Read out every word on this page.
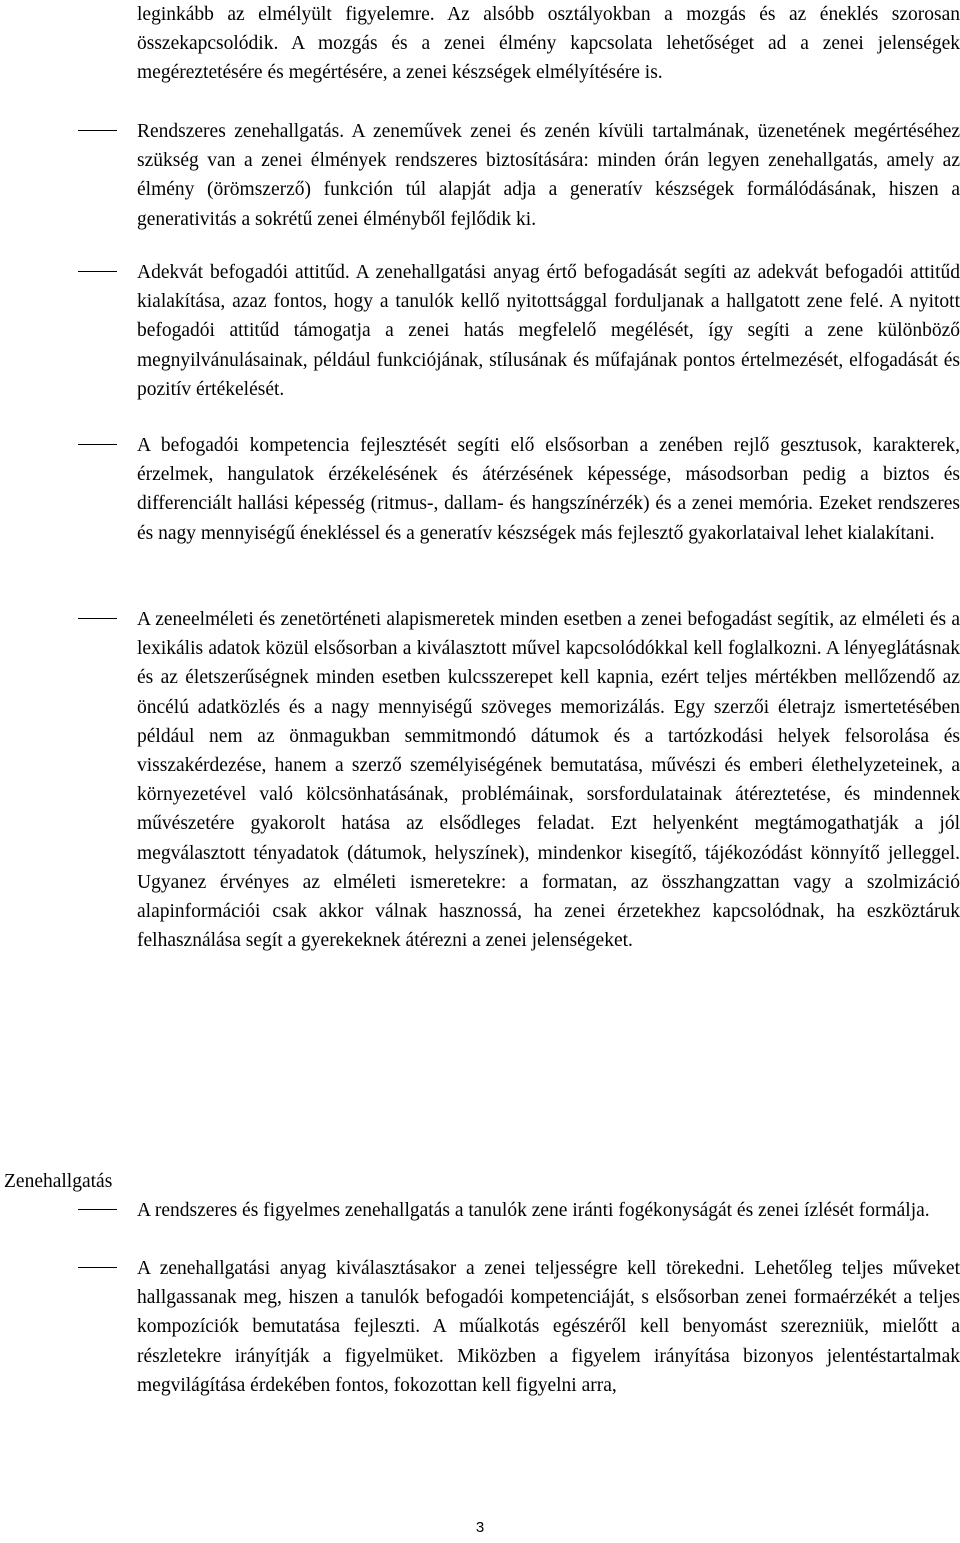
leginkább az elmélyült figyelemre. Az alsóbb osztályokban a mozgás és az éneklés szorosan összekapcsolódik. A mozgás és a zenei élmény kapcsolata lehetőséget ad a zenei jelenségek megéreztetésére és megértésére, a zenei készségek elmélyítésére is.

Rendszeres zenehallgatás. A zeneművek zenei és zenén kívüli tartalmának, üzenetének megértéséhez szükség van a zenei élmények rendszeres biztosítására: minden órán legyen zenehallgatás, amely az élmény (örömszerző) funkción túl alapját adja a generatív készségek formálódásának, hiszen a generativitás a sokrétű zenei élményből fejlődik ki.

Adekvát befogadói attitűd. A zenehallgatási anyag értő befogadását segíti az adekvát befogadói attitűd kialakítása, azaz fontos, hogy a tanulók kellő nyitottsággal forduljanak a hallgatott zene felé. A nyitott befogadói attitűd támogatja a zenei hatás megfelelő megélését, így segíti a zene különböző megnyilvánulásainak, például funkciójának, stílusának és műfajának pontos értelmezését, elfogadását és pozitív értékelését.

A befogadói kompetencia fejlesztését segíti elő elsősorban a zenében rejlő gesztusok, karakterek, érzelmek, hangulatok érzékelésének és átérzésének képessége, másodsorban pedig a biztos és differenciált hallási képesség (ritmus-, dallam- és hangszínérzék) és a zenei memória. Ezeket rendszeres és nagy mennyiségű énekléssel és a generatív készségek más fejlesztő gyakorlataival lehet kialakítani.

A zeneelméleti és zenetörténeti alapismeretek minden esetben a zenei befogadást segítik, az elméleti és a lexikális adatok közül elsősorban a kiválasztott művel kapcsolódókkal kell foglalkozni. A lényeglátásnak és az életszerűségnek minden esetben kulcsszerepet kell kapnia, ezért teljes mértékben mellőzendő az öncélú adatközlés és a nagy mennyiségű szöveges memorizálás. Egy szerzői életrajz ismertetésében például nem az önmagukban semmitmondó dátumok és a tartózkodási helyek felsorolása és visszakérdezése, hanem a szerző személyiségének bemutatása, művészi és emberi élethelyzeteinek, a környezetével való kölcsönhatásának, problémáinak, sorsfordulatainak átéreztetése, és mindennek művészetére gyakorolt hatása az elsődleges feladat. Ezt helyenként megtámogathatják a jól megválasztott tényadatok (dátumok, helyszínek), mindenkor kisegítő, tájékozódást könnyítő jelleggel. Ugyanez érvényes az elméleti ismeretekre: a formatan, az összhangzattan vagy a szolmizáció alapinformációi csak akkor válnak hasznossá, ha zenei érzetekhez kapcsolódnak, ha eszköztáruk felhasználása segít a gyerekeknek átérezni a zenei jelenségeket.

Zenehallgatás

A rendszeres és figyelmes zenehallgatás a tanulók zene iránti fogékonyságát és zenei ízlését formálja.

A zenehallgatási anyag kiválasztásakor a zenei teljességre kell törekedni. Lehetőleg teljes műveket hallgassanak meg, hiszen a tanulók befogadói kompetenciáját, s elsősorban zenei formaérzékét a teljes kompozíciók bemutatása fejleszti. A műalkotás egészéről kell benyomást szerezniük, mielőtt a részletekre irányítják a figyelmüket. Miközben a figyelem irányítása bizonyos jelentéstartalmak megvilágítása érdekében fontos, fokozottan kell figyelni arra,

3
